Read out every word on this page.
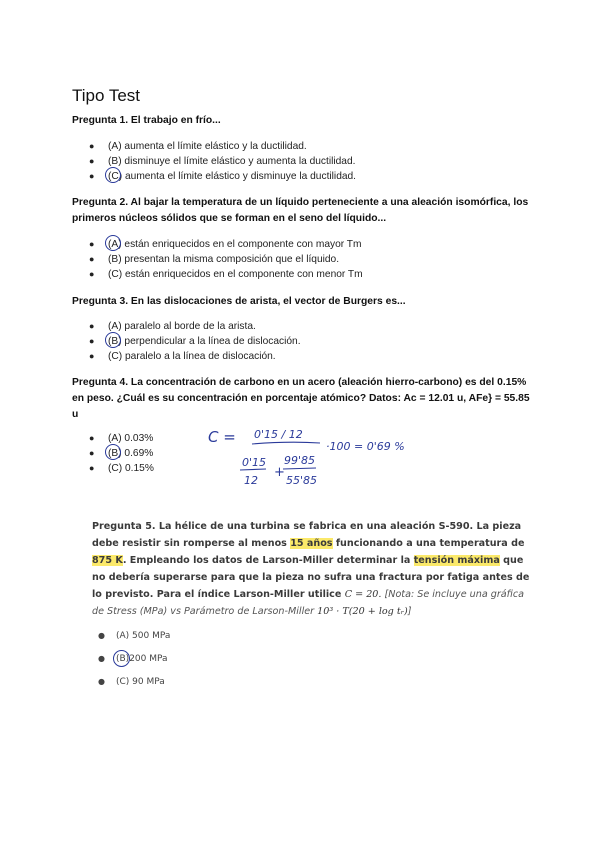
Tipo Test
Pregunta 1. El trabajo en frío...
● (A) aumenta el límite elástico y la ductilidad.
● (B) disminuye el límite elástico y aumenta la ductilidad.
● (C) aumenta el límite elástico y disminuye la ductilidad.
Pregunta 2. Al bajar la temperatura de un líquido perteneciente a una aleación isomórfica, los primeros núcleos sólidos que se forman en el seno del líquido...
● (A) están enriquecidos en el componente con mayor Tm
● (B) presentan la misma composición que el líquido.
● (C) están enriquecidos en el componente con menor Tm
Pregunta 3. En las dislocaciones de arista, el vector de Burgers es...
● (A) paralelo al borde de la arista.
● (B) perpendicular a la línea de dislocación.
● (C) paralelo a la línea de dislocación.
Pregunta 4. La concentración de carbono en un acero (aleación hierro-carbono) es del 0.15% en peso. ¿Cuál es su concentración en porcentaje atómico? Datos: Ac = 12.01 u, AFe} = 55.85 u
● (A) 0.03%
● (B) 0.69%
● (C) 0.15%
C = 0'15 / 12
·100 = 0'69 %
0'15
12
+
99'85
55'85
Pregunta 5. La hélice de una turbina se fabrica en una aleación S-590. La pieza debe resistir sin romperse al menos 15 años funcionando a una temperatura de 875 K. Empleando los datos de Larson-Miller determinar la tensión máxima que no debería superarse para que la pieza no sufra una fractura por fatiga antes de lo previsto. Para el índice Larson-Miller utilice C = 20. [Nota: Se incluye una gráfica de Stress (MPa) vs Parámetro de Larson-Miller 10³ · T(20 + log tᵣ)]
● (A) 500 MPa
● (B)200 MPa
● (C) 90 MPa
